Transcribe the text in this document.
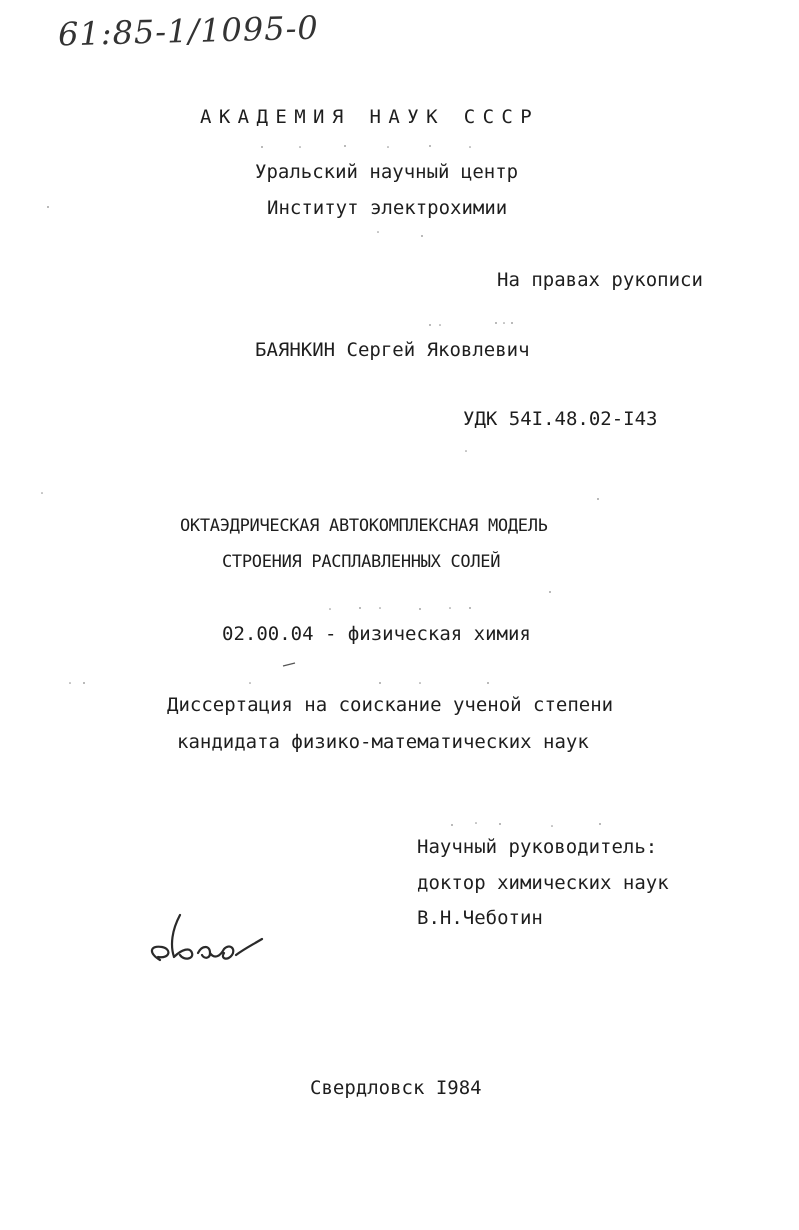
61:85-1/1095-0
АКАДЕМИЯ НАУК СССР
Уральский научный центр
Институт электрохимии
На правах рукописи
БАЯНКИН Сергей Яковлевич
УДК 54I.48.02-I43
ОКТАЭДРИЧЕСКАЯ АВТОКОМПЛЕКСНАЯ МОДЕЛЬ
СТРОЕНИЯ РАСПЛАВЛЕННЫХ СОЛЕЙ
02.00.04 - физическая химия
Диссертация на соискание ученой степени
кандидата физико-математических наук
Научный руководитель:
доктор химических наук
В.Н.Чеботин
Свердловск I984
